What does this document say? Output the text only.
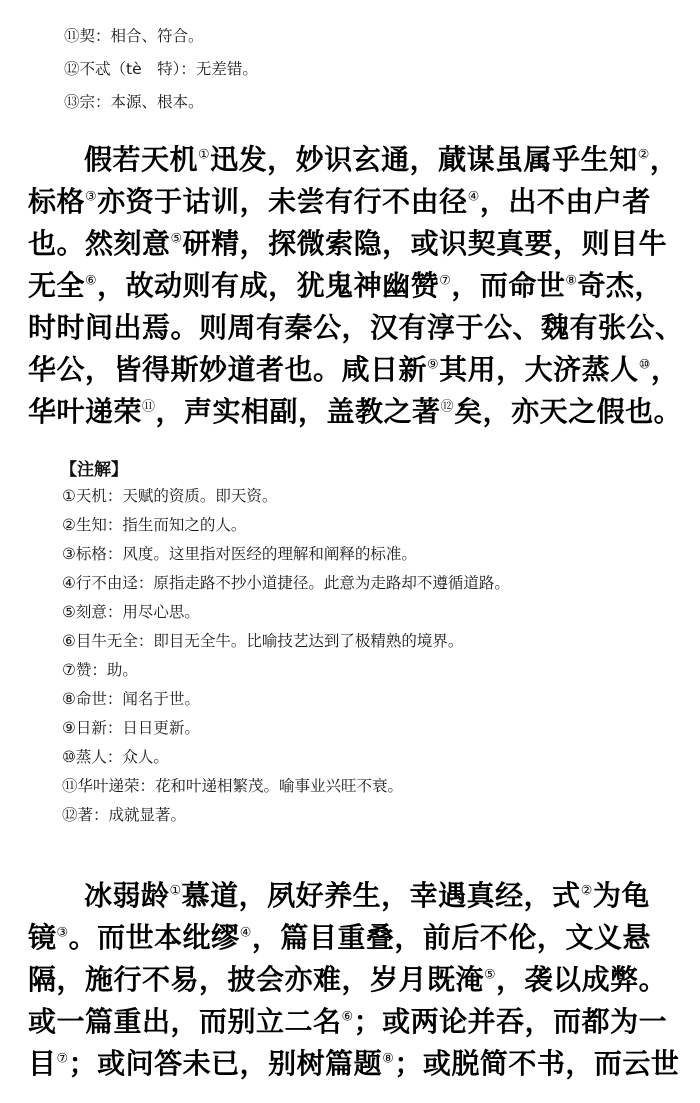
⑪契：相合、符合。
⑫不忒（tè　特）：无差错。
⑬宗：本源、根本。
假若天机①迅发，妙识玄通，蕆谋虽属乎生知②，
标格③亦资于诂训，未尝有行不由径④，出不由户者
也。然刻意⑤研精，探微索隐，或识契真要，则目牛
无全⑥，故动则有成，犹鬼神幽赞⑦，而命世⑧奇杰，
时时间出焉。则周有秦公，汉有淳于公、魏有张公、
华公，皆得斯妙道者也。咸日新⑨其用，大济蒸人⑩，
华叶递荣⑪，声实相副，盖教之著⑫矣，亦天之假也。
【注解】
①天机：天赋的资质。即天资。
②生知：指生而知之的人。
③标格：风度。这里指对医经的理解和阐释的标准。
④行不由迳：原指走路不抄小道捷径。此意为走路却不遵循道路。
⑤刻意：用尽心思。
⑥目牛无全：即目无全牛。比喻技艺达到了极精熟的境界。
⑦赞：助。
⑧命世：闻名于世。
⑨日新：日日更新。
⑩蒸人：众人。
⑪华叶递荣：花和叶递相繁茂。喻事业兴旺不衰。
⑫著：成就显著。
冰弱龄①慕道，夙好养生，幸遇真经，式②为龟
镜③。而世本纰缪④，篇目重叠，前后不伦，文义悬
隔，施行不易，披会亦难，岁月既淹⑤，袭以成弊。
或一篇重出，而别立二名⑥；或两论并吞，而都为一
目⑦；或问答未已，别树篇题⑧；或脱简不书，而云世
